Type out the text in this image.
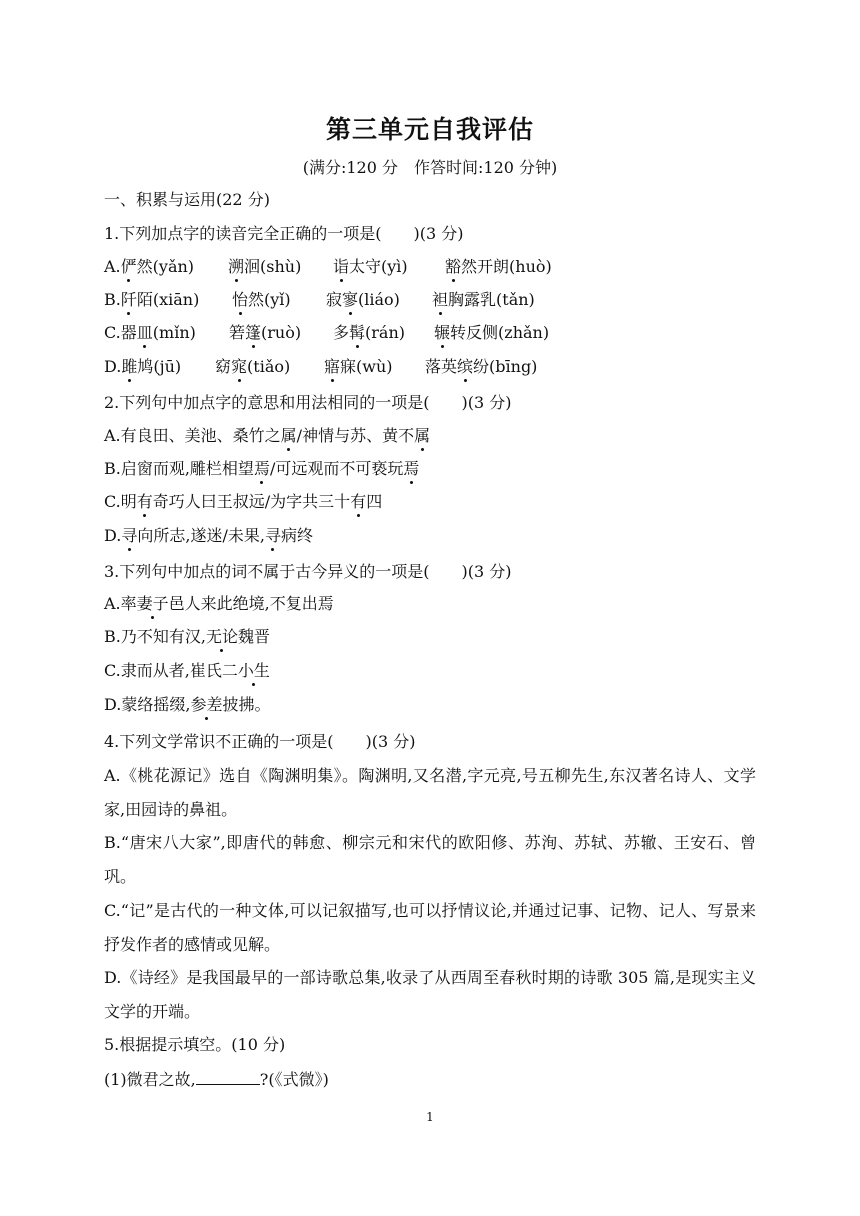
第三单元自我评估
(满分:120 分　作答时间:120 分钟)
一、积累与运用(22 分)
1.下列加点字的读音完全正确的一项是(　　)(3 分)
A.俨然(yǎn) 溯洄(shù) 诣太守(yì) 豁然开朗(huò)
B.阡陌(xiān) 怡然(yǐ) 寂寥(liáo) 袒胸露乳(tǎn)
C.器皿(mǐn) 箬篷(ruò) 多髯(rán) 辗转反侧(zhǎn)
D.雎鸠(jū) 窈窕(tiǎo) 寤寐(wù) 落英缤纷(bīng)
2.下列句中加点字的意思和用法相同的一项是(　　)(3 分)
A.有良田、美池、桑竹之属/神情与苏、黄不属
B.启窗而观,雕栏相望焉/可远观而不可亵玩焉
C.明有奇巧人曰王叔远/为字共三十有四
D.寻向所志,遂迷/未果,寻病终
3.下列句中加点的词不属于古今异义的一项是(　　)(3 分)
A.率妻子邑人来此绝境,不复出焉
B.乃不知有汉,无论魏晋
C.隶而从者,崔氏二小生
D.蒙络摇缀,参差披拂。
4.下列文学常识不正确的一项是(　　)(3 分)
A.《桃花源记》选自《陶渊明集》。陶渊明,又名潜,字元亮,号五柳先生,东汉著名诗人、文学家,田园诗的鼻祖。
B.“唐宋八大家”,即唐代的韩愈、柳宗元和宋代的欧阳修、苏洵、苏轼、苏辙、王安石、曾巩。
C.“记”是古代的一种文体,可以记叙描写,也可以抒情议论,并通过记事、记物、记人、写景来抒发作者的感情或见解。
D.《诗经》是我国最早的一部诗歌总集,收录了从西周至春秋时期的诗歌 305 篇,是现实主义文学的开端。
5.根据提示填空。(10 分)
(1)微君之故,	?(《式微》)
1
